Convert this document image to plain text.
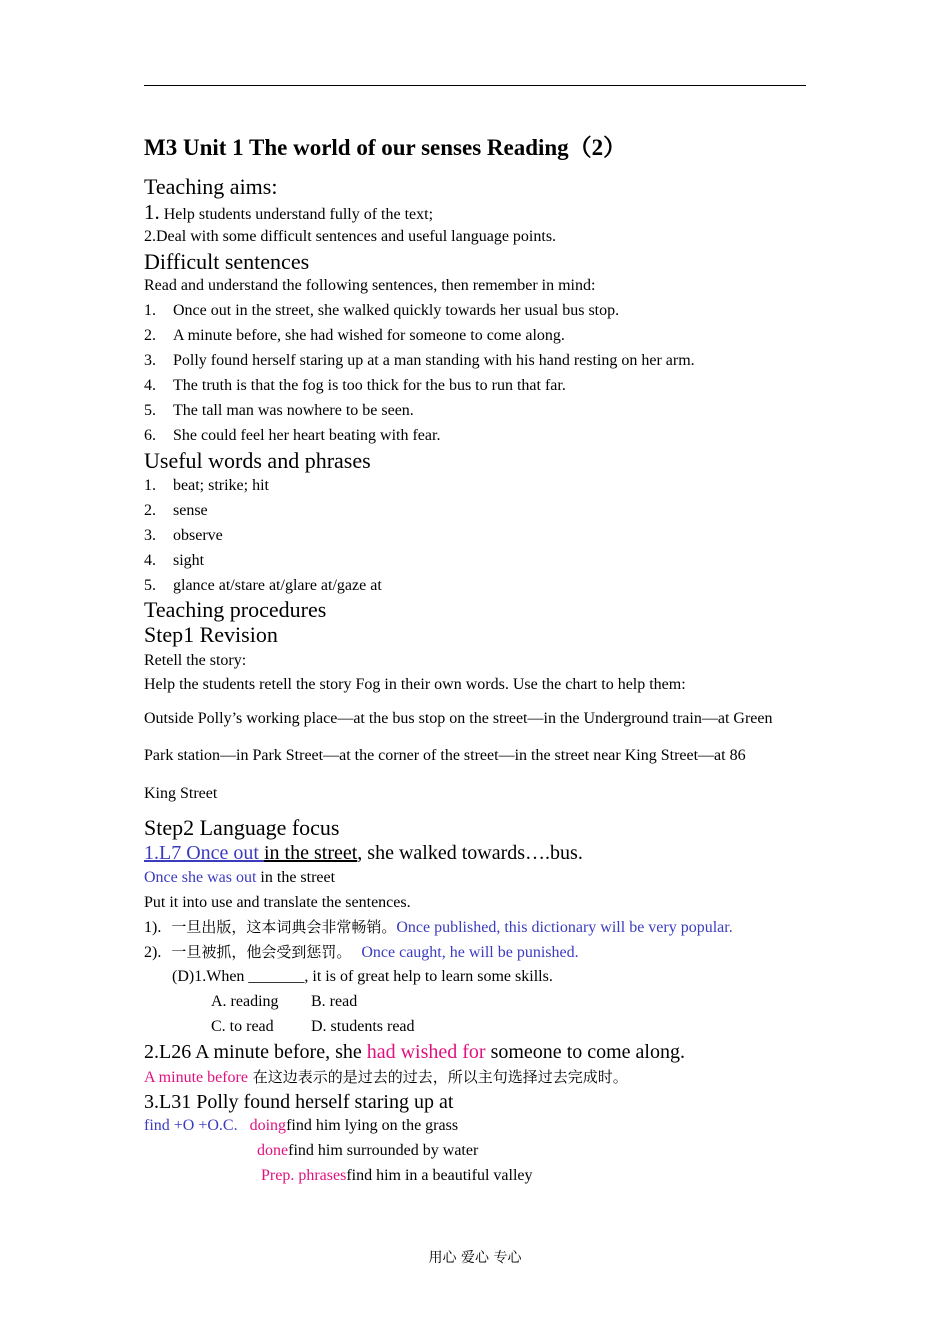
M3 Unit 1 The world of our senses Reading（2）
Teaching aims:
1. Help students understand fully of the text;
2.Deal with some difficult sentences and useful language points.
Difficult sentences
Read and understand the following sentences, then remember in mind:
1. Once out in the street, she walked quickly towards her usual bus stop.
2. A minute before, she had wished for someone to come along.
3. Polly found herself staring up at a man standing with his hand resting on her arm.
4. The truth is that the fog is too thick for the bus to run that far.
5. The tall man was nowhere to be seen.
6. She could feel her heart beating with fear.
Useful words and phrases
1. beat; strike; hit
2. sense
3. observe
4. sight
5. glance at/stare at/glare at/gaze at
Teaching procedures
Step1 Revision
Retell the story:
Help the students retell the story Fog in their own words. Use the chart to help them:
Outside Polly’s working place—at the bus stop on the street—in the Underground train—at Green
Park station—in Park Street—at the corner of the street—in the street near King Street—at 86
King Street
Step2 Language focus
1.L7 Once out in the street, she walked towards….bus.
Once she was out in the street
Put it into use and translate the sentences.
1). 一旦出版，这本词典会非常畅销。Once published, this dictionary will be very popular.
2). 一旦被抓，他会受到惩罚。 Once caught, he will be punished.
(D)1.When _______, it is of great help to learn some skills.
A. reading B. read
C. to read D. students read
2.L26 A minute before, she had wished for someone to come along.
A minute before 在这边表示的是过去的过去，所以主句选择过去完成时。
3.L31 Polly found herself staring up at
find +O +O.C. doingfind him lying on the grass
donefind him surrounded by water
Prep. phrasesfind him in a beautiful valley
用心 爱心 专心
